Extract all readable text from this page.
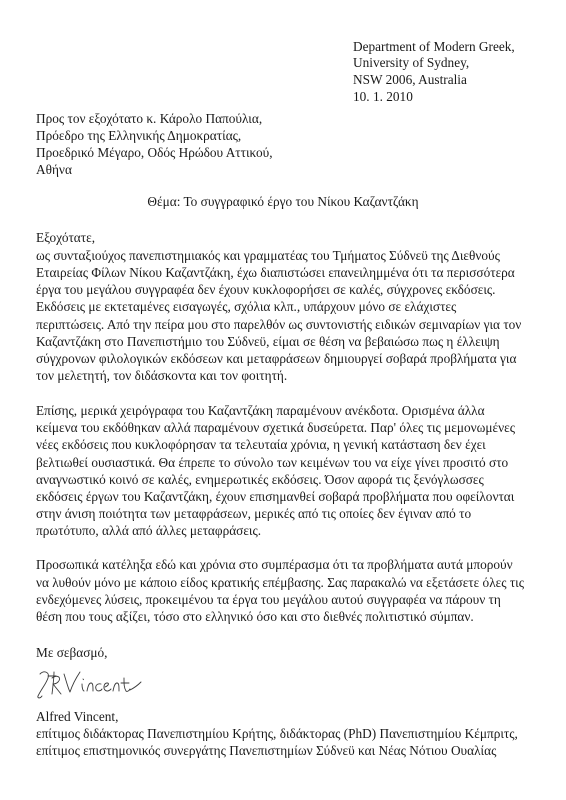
Department of Modern Greek,
University of Sydney,
NSW 2006, Australia
10. 1. 2010
Προς τον εξοχότατο κ. Κάρολο Παπούλια,
Πρόεδρο της Ελληνικής Δημοκρατίας,
Προεδρικό Μέγαρο, Οδός Ηρώδου Αττικού,
Αθήνα
Θέμα: Το συγγραφικό έργο του Νίκου Καζαντζάκη
Εξοχότατε,
ως συνταξιούχος πανεπιστημιακός και γραμματέας του Τμήματος Σύδνεϋ της Διεθνούς
Εταιρείας Φίλων Νίκου Καζαντζάκη, έχω διαπιστώσει επανειλημμένα ότι τα περισσότερα
έργα του μεγάλου συγγραφέα δεν έχουν κυκλοφορήσει σε καλές, σύγχρονες εκδόσεις.
Εκδόσεις με εκτεταμένες εισαγωγές, σχόλια κλπ., υπάρχουν μόνο σε ελάχιστες
περιπτώσεις. Από την πείρα μου στο παρελθόν ως συντονιστής ειδικών σεμιναρίων για τον
Καζαντζάκη στο Πανεπιστήμιο του Σύδνεϋ, είμαι σε θέση να βεβαιώσω πως η έλλειψη
σύγχρονων φιλολογικών εκδόσεων και μεταφράσεων δημιουργεί σοβαρά προβλήματα για
τον μελετητή, τον διδάσκοντα και τον φοιτητή.
Επίσης, μερικά χειρόγραφα του Καζαντζάκη παραμένουν ανέκδοτα. Ορισμένα άλλα
κείμενα του εκδόθηκαν αλλά παραμένουν σχετικά δυσεύρετα. Παρ' όλες τις μεμονωμένες
νέες εκδόσεις που κυκλοφόρησαν τα τελευταία χρόνια, η γενική κατάσταση δεν έχει
βελτιωθεί ουσιαστικά. Θα έπρεπε το σύνολο των κειμένων του να είχε γίνει προσιτό στο
αναγνωστικό κοινό σε καλές, ενημερωτικές εκδόσεις. Όσον αφορά τις ξενόγλωσσες
εκδόσεις έργων του Καζαντζάκη, έχουν επισημανθεί σοβαρά προβλήματα που οφείλονται
στην άνιση ποιότητα των μεταφράσεων, μερικές από τις οποίες δεν έγιναν από το
πρωτότυπο, αλλά από άλλες μεταφράσεις.
Προσωπικά κατέληξα εδώ και χρόνια στο συμπέρασμα ότι τα προβλήματα αυτά μπορούν
να λυθούν μόνο με κάποιο είδος κρατικής επέμβασης. Σας παρακαλώ να εξετάσετε όλες τις
ενδεχόμενες λύσεις, προκειμένου τα έργα του μεγάλου αυτού συγγραφέα να πάρουν τη
θέση που τους αξίζει, τόσο στο ελληνικό όσο και στο διεθνές πολιτιστικό σύμπαν.
Με σεβασμό,
Alfred Vincent,
επίτιμος διδάκτορας Πανεπιστημίου Κρήτης, διδάκτορας (PhD) Πανεπιστημίου Κέμπριτς,
επίτιμος επιστημονικός συνεργάτης Πανεπιστημίων Σύδνεϋ και Νέας Νότιου Ουαλίας
